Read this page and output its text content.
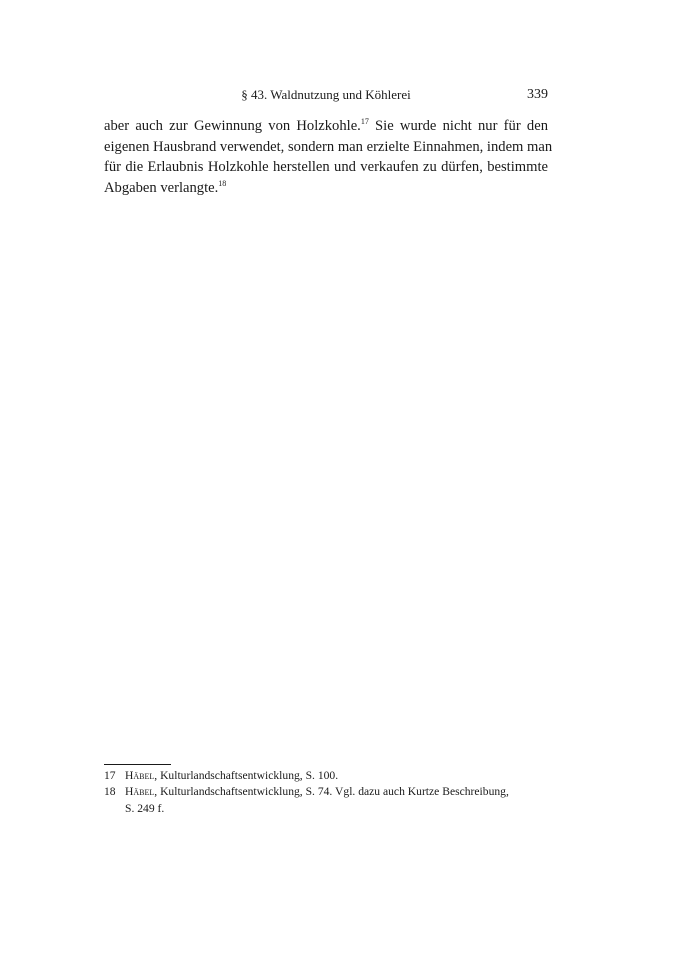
§ 43. Waldnutzung und Köhlerei	339
aber auch zur Gewinnung von Holzkohle.$^{17}$ Sie wurde nicht nur für den
eigenen Hausbrand verwendet, sondern man erzielte Einnahmen, indem man
für die Erlaubnis Holzkohle herstellen und verkaufen zu dürfen, bestimmte
Abgaben verlangte.$^{18}$
17 Häbel, Kulturlandschaftsentwicklung, S. 100.
18 Häbel, Kulturlandschaftsentwicklung, S. 74. Vgl. dazu auch Kurtze Beschreibung,
S. 249 f.
